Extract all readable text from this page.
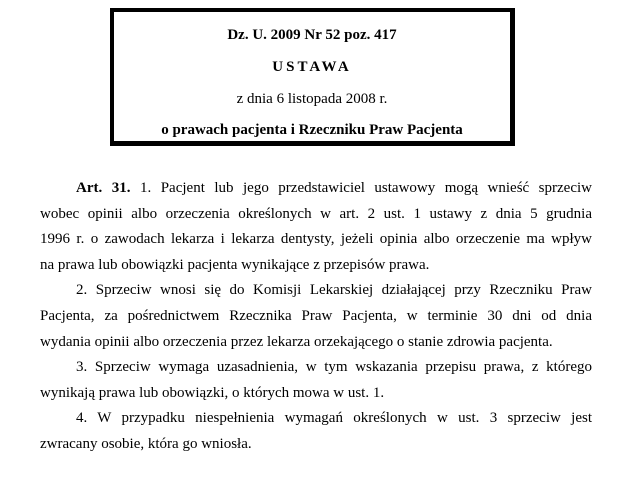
Dz. U. 2009 Nr 52 poz. 417
USTAWA
z dnia 6 listopada 2008 r.
o prawach pacjenta i Rzeczniku Praw Pacjenta
Art. 31. 1. Pacjent lub jego przedstawiciel ustawowy mogą wnieść sprzeciw
wobec opinii albo orzeczenia określonych w art. 2 ust. 1 ustawy z dnia 5 grudnia
1996 r. o zawodach lekarza i lekarza dentysty, jeżeli opinia albo orzeczenie ma wpływ
na prawa lub obowiązki pacjenta wynikające z przepisów prawa.
2. Sprzeciw wnosi się do Komisji Lekarskiej działającej przy Rzeczniku Praw
Pacjenta, za pośrednictwem Rzecznika Praw Pacjenta, w terminie 30 dni od dnia
wydania opinii albo orzeczenia przez lekarza orzekającego o stanie zdrowia pacjenta.
3. Sprzeciw wymaga uzasadnienia, w tym wskazania przepisu prawa, z którego
wynikają prawa lub obowiązki, o których mowa w ust. 1.
4. W przypadku niespełnienia wymagań określonych w ust. 3 sprzeciw jest
zwracany osobie, która go wniosła.
